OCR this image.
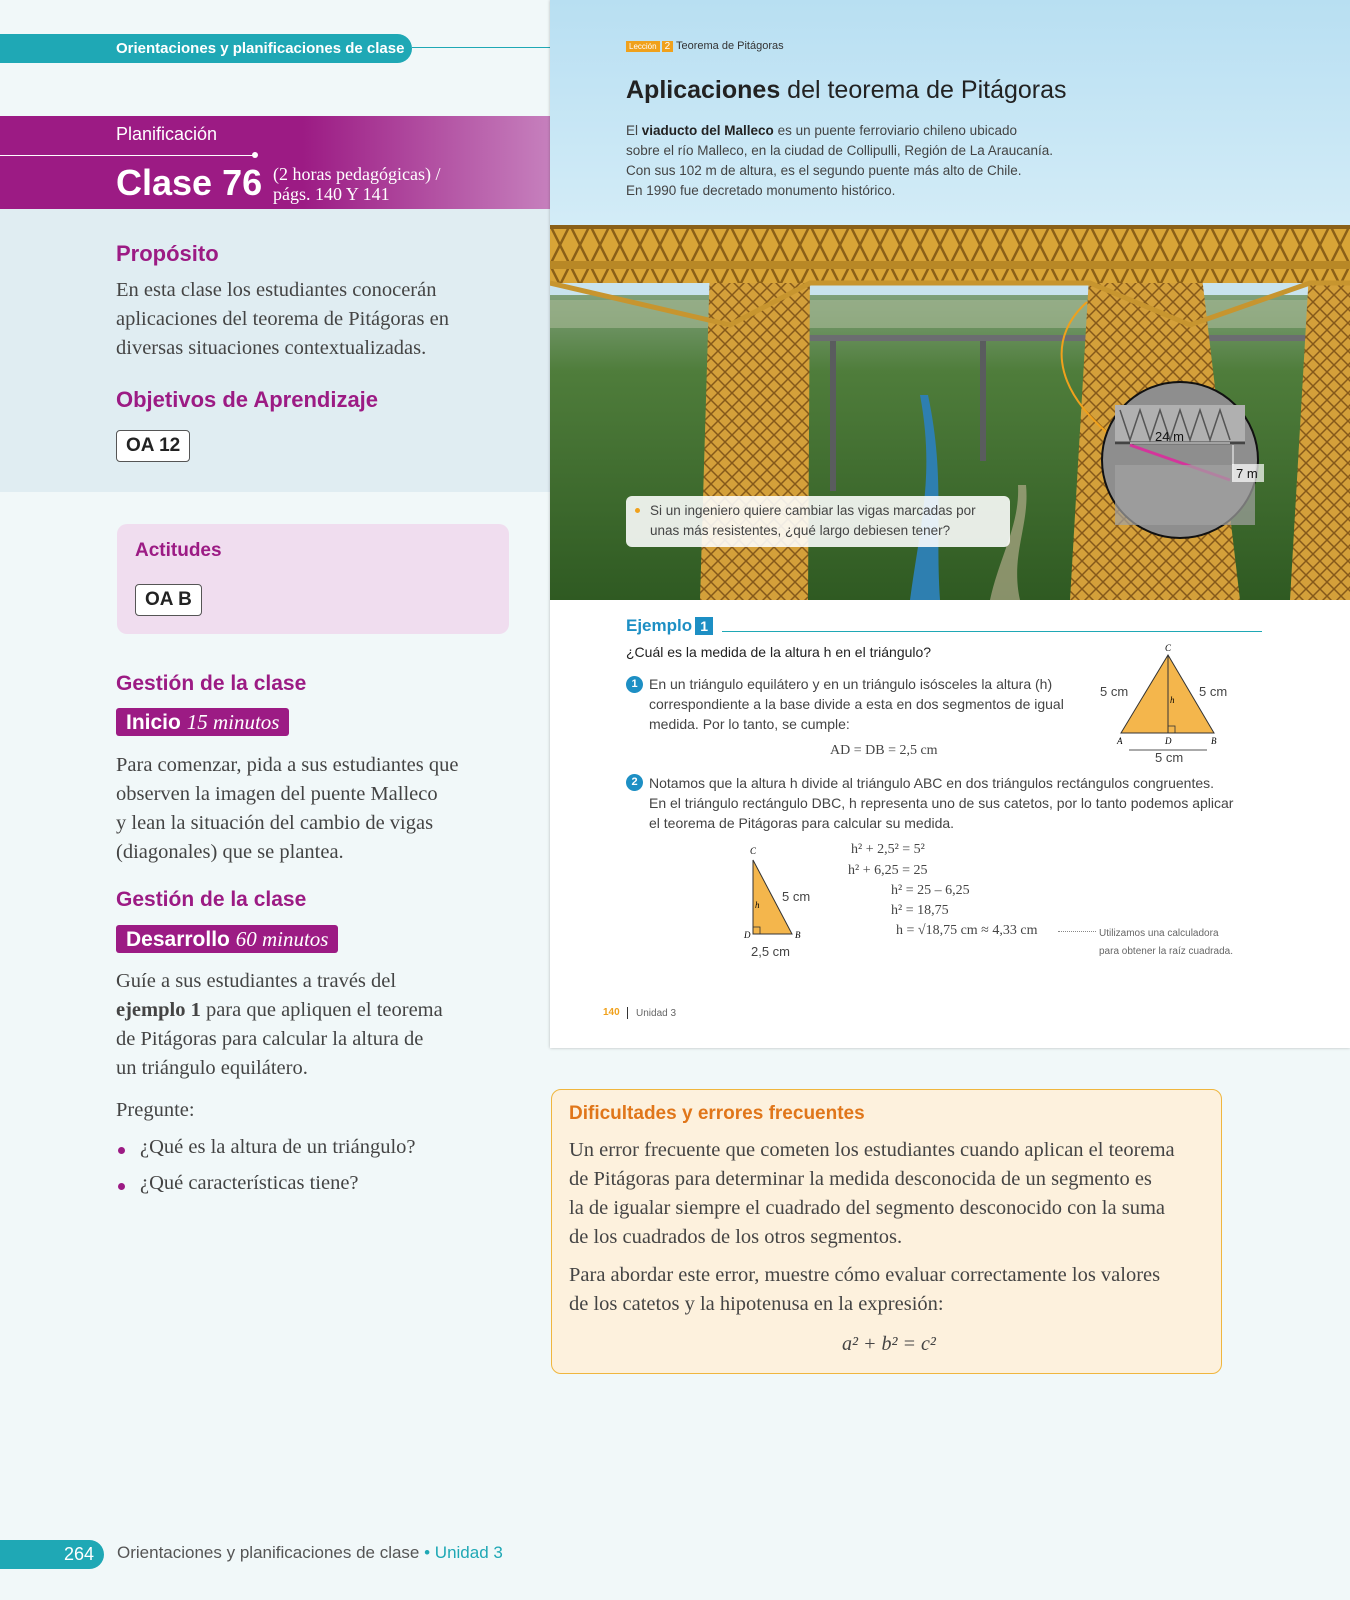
Orientaciones y planificaciones de clase
Planificación
Clase 76 (2 horas pedagógicas) /
págs. 140 Y 141
Propósito
En esta clase los estudiantes conocerán
aplicaciones del teorema de Pitágoras en
diversas situaciones contextualizadas.
Objetivos de Aprendizaje
OA 12
Actitudes
OA B
Gestión de la clase
Inicio 15 minutos
Para comenzar, pida a sus estudiantes que
observen la imagen del puente Malleco
y lean la situación del cambio de vigas
(diagonales) que se plantea.
Gestión de la clase
Desarrollo 60 minutos
Guíe a sus estudiantes a través del
ejemplo 1 para que apliquen el teorema
de Pitágoras para calcular la altura de
un triángulo equilátero.
Pregunte:
¿Qué es la altura de un triángulo?
¿Qué características tiene?
24 m
7 m
Lección 2 Teorema de Pitágoras
Aplicaciones del teorema de Pitágoras
El viaducto del Malleco es un puente ferroviario chileno ubicado
sobre el río Malleco, en la ciudad de Collipulli, Región de La Araucanía.
Con sus 102 m de altura, es el segundo puente más alto de Chile.
En 1990 fue decretado monumento histórico.
Si un ingeniero quiere cambiar las vigas marcadas por
unas más resistentes, ¿qué largo debiesen tener?
Ejemplo 1
¿Cuál es la medida de la altura h en el triángulo?
1 En un triángulo equilátero y en un triángulo isósceles la altura (h)
correspondiente a la base divide a esta en dos segmentos de igual
medida. Por lo tanto, se cumple:
AD = DB = 2,5 cm
C
A	D	B
h
5 cm	5 cm
5 cm
2 Notamos que la altura h divide al triángulo ABC en dos triángulos rectángulos congruentes.
En el triángulo rectángulo DBC, h representa uno de sus catetos, por lo tanto podemos aplicar
el teorema de Pitágoras para calcular su medida.
C
D	B
h
5 cm
2,5 cm
h² + 2,5² = 5²
h² + 6,25 = 25
h² = 25 – 6,25
h² = 18,75
h = √18,75 cm ≈ 4,33 cm	Utilizamos una calculadora
para obtener la raíz cuadrada.
140 Unidad 3
Dificultades y errores frecuentes
Un error frecuente que cometen los estudiantes cuando aplican el teorema
de Pitágoras para determinar la medida desconocida de un segmento es
la de igualar siempre el cuadrado del segmento desconocido con la suma
de los cuadrados de los otros segmentos.
Para abordar este error, muestre cómo evaluar correctamente los valores
de los catetos y la hipotenusa en la expresión:
a² + b² = c²
264	Orientaciones y planificaciones de clase • Unidad 3
